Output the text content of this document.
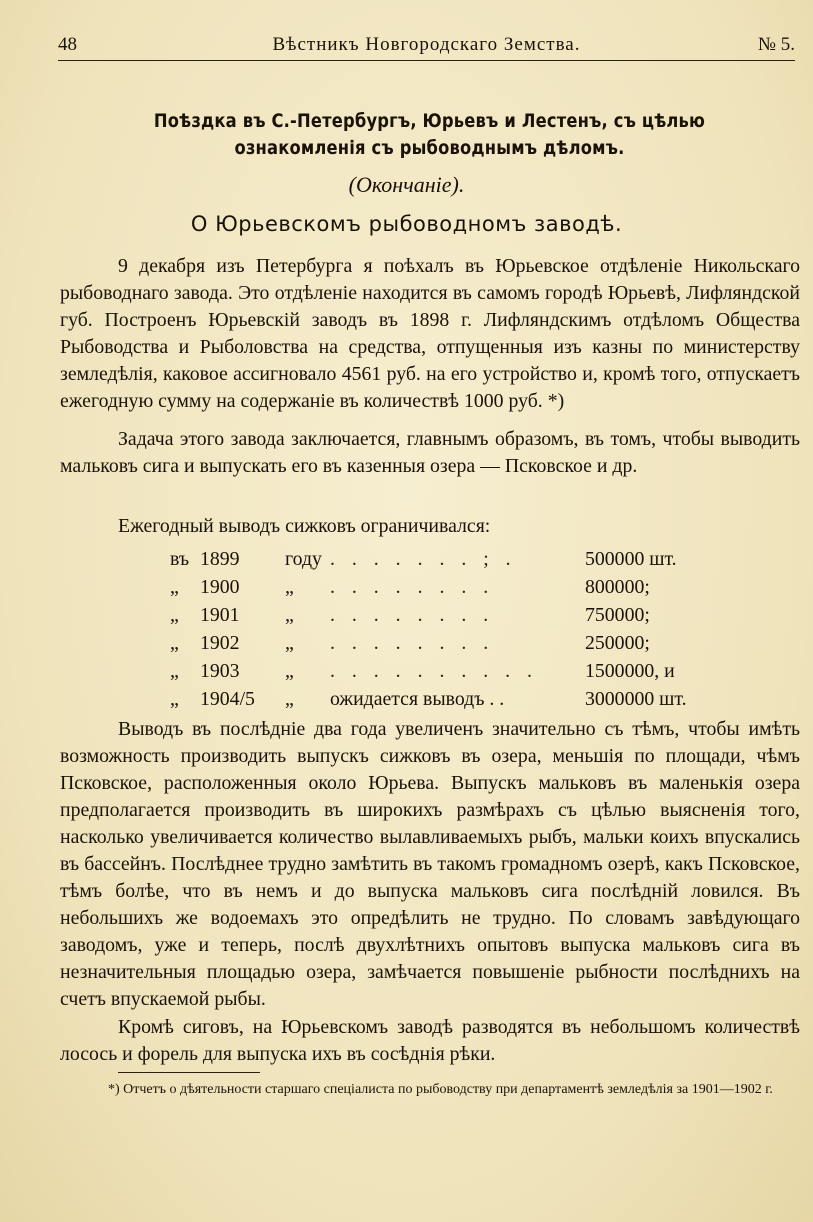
48	Вѣстникъ Новгородскаго Земства.	№ 5.
Поѣздка въ С.-Петербургъ, Юрьевъ и Лестенъ, съ цѣлью ознакомленія съ рыбоводнымъ дѣломъ.
(Окончаніе).
О Юрьевскомъ рыбоводномъ заводѣ.

9 декабря изъ Петербурга я поѣхалъ въ Юрьевское отдѣленіе Никольскаго рыбоводнаго завода. Это отдѣленіе находится въ самомъ городѣ Юрьевѣ, Лифляндской губ. Построенъ Юрьевскій заводъ въ 1898 г. Лифляндскимъ отдѣломъ Общества Рыбоводства и Рыболовства на средства, отпущенныя изъ казны по министерству земледѣлія, каковое ассигновало 4561 руб. на его устройство и, кромѣ того, отпускаетъ ежегодную сумму на содержаніе въ количествѣ 1000 руб. *)

Задача этого завода заключается, главнымъ образомъ, въ томъ, чтобы выводить мальковъ сига и выпускать его въ казенныя озера — Псковское и др.

Ежегодный выводъ сижковъ ограничивался:
въ 1899 году . . . . . . . ; .	500000 шт.
„ 1900 „ . . . . . . . .	800000;
„ 1901 „ . . . . . . . .	750000;
„ 1902 „ . . . . . . . .	250000;
„ 1903 „ . . . . . . . . . . 1500000, и
„ 1904/5 „ ожидается выводъ . .	3000000 шт.

Выводъ въ послѣдніе два года увеличенъ значительно съ тѣмъ, чтобы имѣть возможность производить выпускъ сижковъ въ озера, меньшія по площади, чѣмъ Псковское, расположенныя около Юрьева. Выпускъ мальковъ въ маленькія озера предполагается производить въ широкихъ размѣрахъ съ цѣлью выясненія того, насколько увеличивается количество вылавливаемыхъ рыбъ, мальки коихъ впускались въ бассейнъ. Послѣднее трудно замѣтить въ такомъ громадномъ озерѣ, какъ Псковское, тѣмъ болѣе, что въ немъ и до выпуска мальковъ сига послѣдній ловился. Въ небольшихъ же водоемахъ это опредѣлить не трудно. По словамъ завѣдующаго заводомъ, уже и теперь, послѣ двухлѣтнихъ опытовъ выпуска мальковъ сига въ незначительныя площадью озера, замѣчается повышеніе рыбности послѣднихъ на счетъ впускаемой рыбы.

Кромѣ сиговъ, на Юрьевскомъ заводѣ разводятся въ небольшомъ количествѣ лосось и форель для выпуска ихъ въ сосѣднія рѣки.

*) Отчетъ о дѣятельности старшаго спеціалиста по рыбоводству при департаментѣ земледѣлія за 1901—1902 г.
